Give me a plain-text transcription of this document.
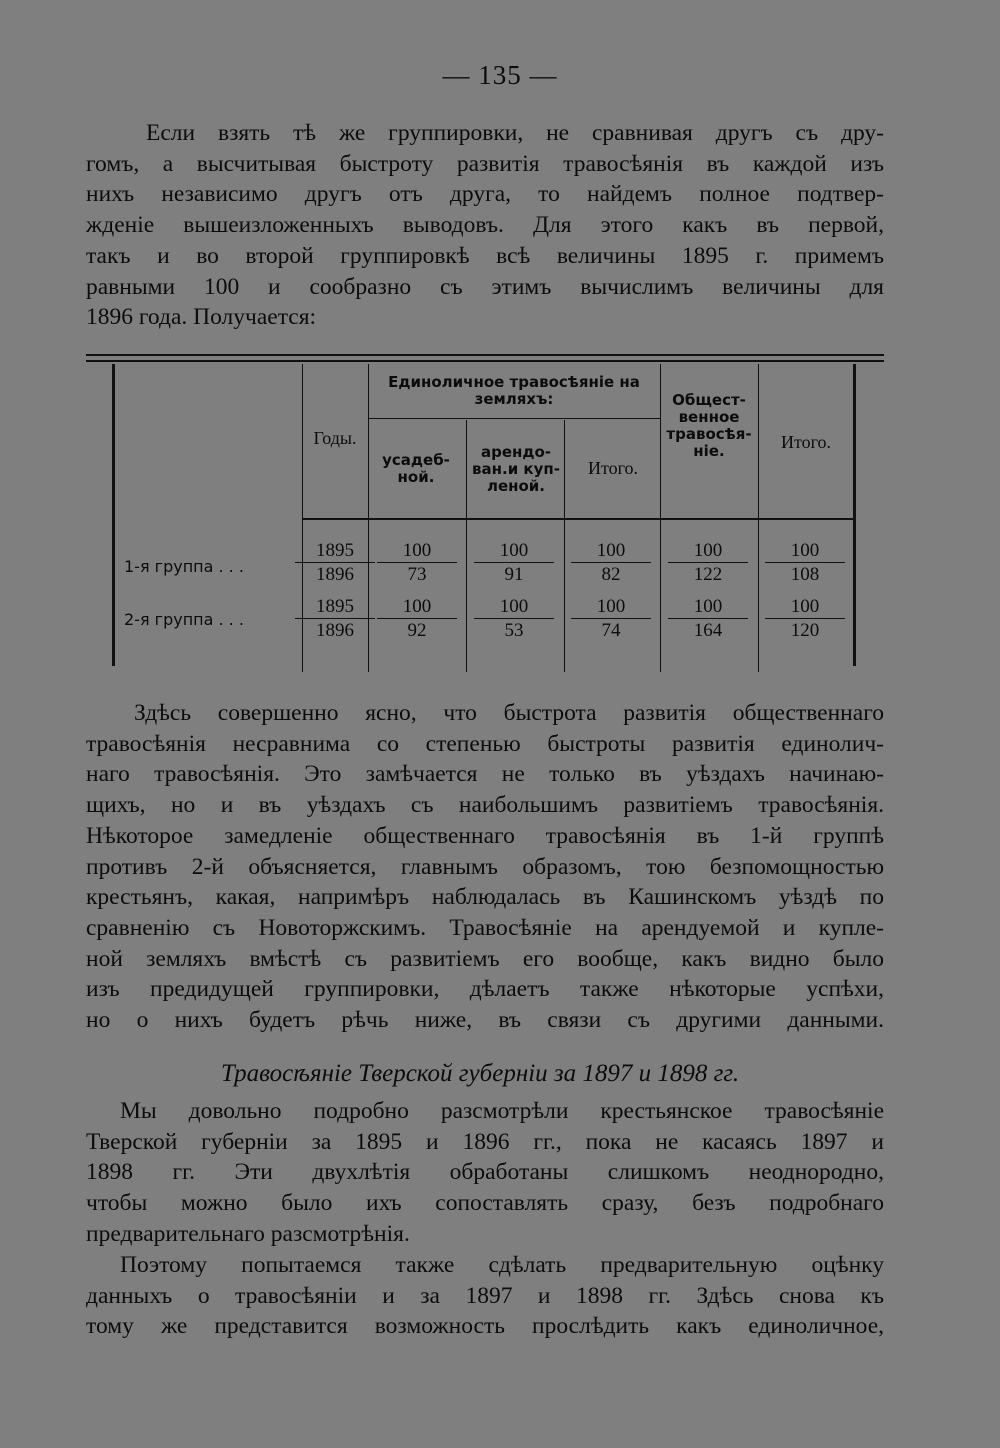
— 135 —
Если взять тѣ же группировки, не сравнивая другъ съ дру-
гомъ, а высчитывая быстроту развитія травосѣянія въ каждой изъ
нихъ независимо другъ отъ друга, то найдемъ полное подтвер-
жденіе вышеизложенныхъ выводовъ. Для этого какъ въ первой,
такъ и во второй группировкѣ всѣ величины 1895 г. примемъ
равными 100 и сообразно съ этимъ вычислимъ величины для
1896 года. Получается:
Годы.
Единоличное травосѣяніе на земляхъ:
усадеб-ной.
арендо-ван.и куп-леной.
Итого.
Общест-венное травосѣя-ніе.	Итого.
1-я группа . . .
2-я группа . . .
1895
1896
100
73
100
91
100
82
100
122
100
108
1895
1896
100
92
100
53
100
74
100
164
100
120
Здѣсь совершенно ясно, что быстрота развитія общественнаго
травосѣянія несравнима со степенью быстроты развитія единолич-
наго травосѣянія. Это замѣчается не только въ уѣздахъ начинаю-
щихъ, но и въ уѣздахъ съ наибольшимъ развитіемъ травосѣянія.
Нѣкоторое замедленіе общественнаго травосѣянія въ 1-й группѣ
противъ 2-й объясняется, главнымъ образомъ, тою безпомощностью
крестьянъ, какая, напримѣръ наблюдалась въ Кашинскомъ уѣздѣ по
сравненію съ Новоторжскимъ. Травосѣяніе на арендуемой и купле-
ной земляхъ вмѣстѣ съ развитіемъ его вообще, какъ видно было
изъ предидущей группировки, дѣлаетъ также нѣкоторые успѣхи,
но о нихъ будетъ рѣчь ниже, въ связи съ другими данными.
Травосѣяніе Тверской губерніи за 1897 и 1898 гг.
Мы довольно подробно разсмотрѣли крестьянское травосѣяніе
Тверской губерніи за 1895 и 1896 гг., пока не касаясь 1897 и
1898 гг. Эти двухлѣтія обработаны слишкомъ неоднородно,
чтобы можно было ихъ сопоставлять сразу, безъ подробнаго
предварительнаго разсмотрѣнія.
Поэтому попытаемся также сдѣлать предварительную оцѣнку
данныхъ о травосѣяніи и за 1897 и 1898 гг. Здѣсь снова къ
тому же представится возможность прослѣдить какъ единоличное,
